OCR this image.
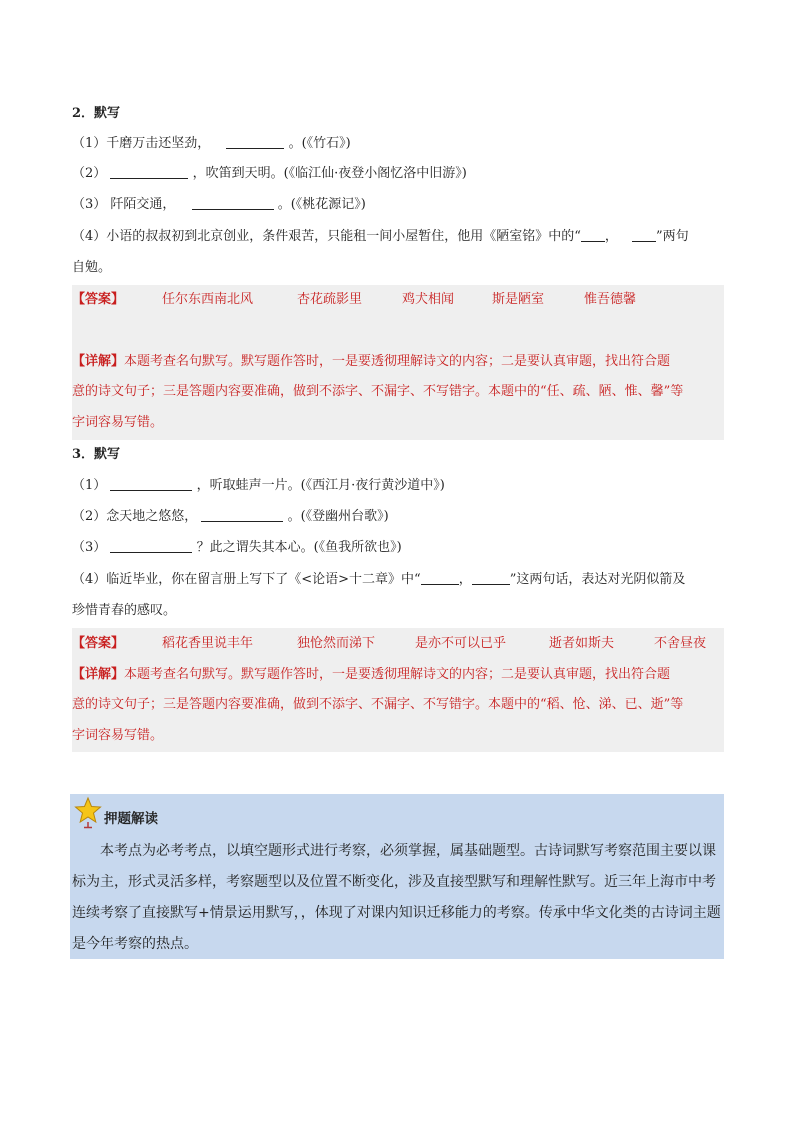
2．默写
（1）千磨万击还坚劲，	。(《竹石》)
（2）	，吹笛到天明。(《临江仙·夜登小阁忆洛中旧游》)
（3） 阡陌交通，	。(《桃花源记》)
（4）小语的叔叔初到北京创业，条件艰苦，只能租一间小屋暂住，他用《陋室铭》中的“ ，	”两句
自勉。
【答案】	任尔东西南北风	杏花疏影里	鸡犬相闻	斯是陋室	惟吾德馨
【详解】本题考查名句默写。默写题作答时，一是要透彻理解诗文的内容；二是要认真审题，找出符合题
意的诗文句子；三是答题内容要准确，做到不添字、不漏字、不写错字。本题中的“任、疏、陋、惟、馨”等
字词容易写错。
3．默写
（1）	，听取蛙声一片。(《西江月·夜行黄沙道中》)
（2）念天地之悠悠，	。(《登幽州台歌》)
（3）	？此之谓失其本心。(《鱼我所欲也》)
（4）临近毕业，你在留言册上写下了《<论语>十二章》中“	，	”这两句话，表达对光阴似箭及
珍惜青春的感叹。
【答案】	稻花香里说丰年	独怆然而涕下	是亦不可以已乎	逝者如斯夫	不舍昼夜
【详解】本题考查名句默写。默写题作答时，一是要透彻理解诗文的内容；二是要认真审题，找出符合题
意的诗文句子；三是答题内容要准确，做到不添字、不漏字、不写错字。本题中的“稻、怆、涕、已、逝”等
字词容易写错。
押题解读
本考点为必考考点，以填空题形式进行考察，必须掌握，属基础题型。古诗词默写考察范围主要以课
标为主，形式灵活多样，考察题型以及位置不断变化，涉及直接型默写和理解性默写。近三年上海市中考
连续考察了直接默写+情景运用默写，，体现了对课内知识迁移能力的考察。传承中华文化类的古诗词主题
是今年考察的热点。
